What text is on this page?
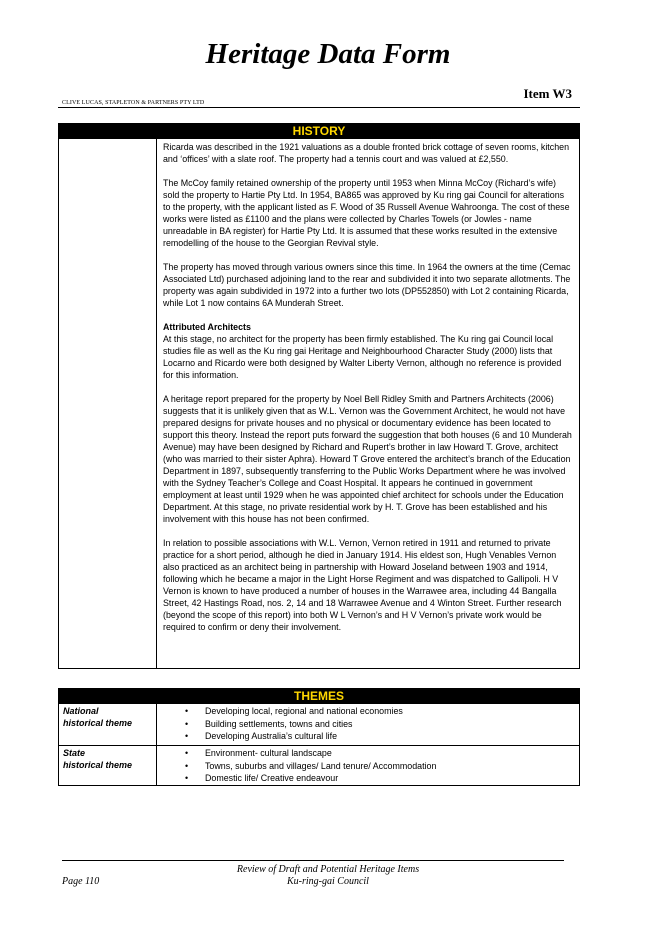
Heritage Data Form
Item W3
CLIVE LUCAS, STAPLETON & PARTNERS PTY LTD
HISTORY

Ricarda was described in the 1921 valuations as a double fronted brick cottage of seven rooms, kitchen and ‘offices’ with a slate roof. The property had a tennis court and was valued at £2,550.

The McCoy family retained ownership of the property until 1953 when Minna McCoy (Richard’s wife) sold the property to Hartie Pty Ltd. In 1954, BA865 was approved by Ku ring gai Council for alterations to the property, with the applicant listed as F. Wood of 35 Russell Avenue Wahroonga. The cost of these works were listed as £1100 and the plans were collected by Charles Towels (or Jowles - name unreadable in BA register) for Hartie Pty Ltd. It is assumed that these works resulted in the extensive remodelling of the house to the Georgian Revival style.

The property has moved through various owners since this time. In 1964 the owners at the time (Cemac Associated Ltd) purchased adjoining land to the rear and subdivided it into two separate allotments. The property was again subdivided in 1972 into a further two lots (DP552850) with Lot 2 containing Ricarda, while Lot 1 now contains 6A Munderah Street.

Attributed Architects

At this stage, no architect for the property has been firmly established. The Ku ring gai Council local studies file as well as the Ku ring gai Heritage and Neighbourhood Character Study (2000) lists that Locarno and Ricardo were both designed by Walter Liberty Vernon, although no reference is provided for this information.

A heritage report prepared for the property by Noel Bell Ridley Smith and Partners Architects (2006) suggests that it is unlikely given that as W.L. Vernon was the Government Architect, he would not have prepared designs for private houses and no physical or documentary evidence has been located to support this theory. Instead the report puts forward the suggestion that both houses (6 and 10 Munderah Avenue) may have been designed by Richard and Rupert’s brother in law Howard T. Grove, architect (who was married to their sister Aphra). Howard T Grove entered the architect’s branch of the Education Department in 1897, subsequently transferring to the Public Works Department where he was involved with the Sydney Teacher’s College and Coast Hospital. It appears he continued in government employment at least until 1929 when he was appointed chief architect for schools under the Education Department. At this stage, no private residential work by H. T. Grove has been established and his involvement with this house has not been confirmed.

In relation to possible associations with W.L. Vernon, Vernon retired in 1911 and returned to private practice for a short period, although he died in January 1914. His eldest son, Hugh Venables Vernon also practiced as an architect being in partnership with Howard Joseland between 1903 and 1914, following which he became a major in the Light Horse Regiment and was dispatched to Gallipoli. H V Vernon is known to have produced a number of houses in the Warrawee area, including 44 Bangalla Street, 42 Hastings Road, nos. 2, 14 and 18 Warrawee Avenue and 4 Winton Street. Further research (beyond the scope of this report) into both W L Vernon’s and H V Vernon’s private work would be required to confirm or deny their involvement.

THEMES
National
historical theme
• Developing local, regional and national economies
• Building settlements, towns and cities
• Developing Australia’s cultural life
State
historical theme
• Environment- cultural landscape
• Towns, suburbs and villages/ Land tenure/ Accommodation
• Domestic life/ Creative endeavour
Review of Draft and Potential Heritage Items
Ku-ring-gai Council
Page 110
